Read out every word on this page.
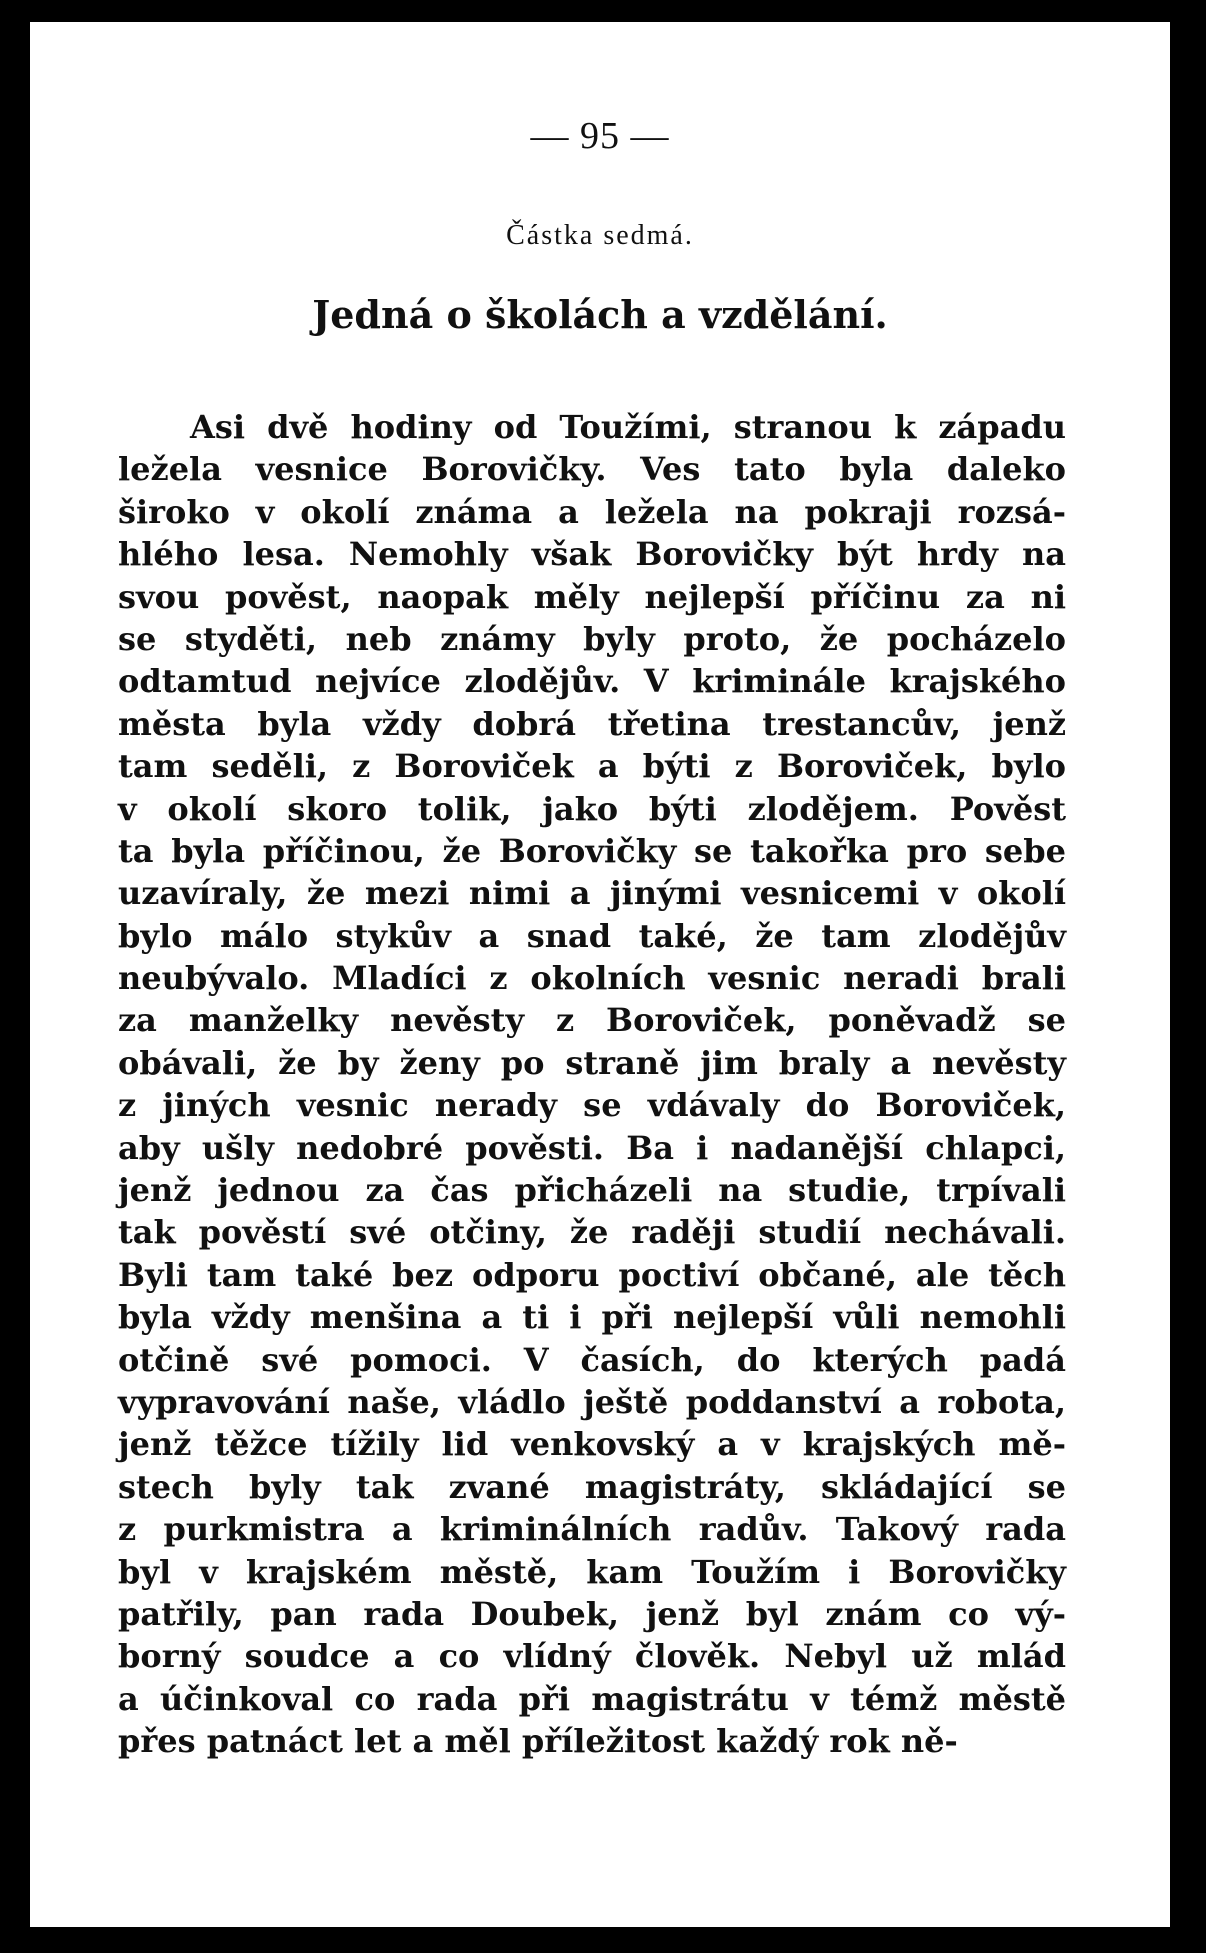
— 95 —
Částka sedmá.
Jedná o školách a vzdělání.
Asi dvě hodiny od Toužími, stranou k západu
ležela vesnice Borovičky. Ves tato byla daleko
široko v okolí známa a ležela na pokraji rozsá-
hlého lesa. Nemohly však Borovičky být hrdy na
svou pověst, naopak měly nejlepší příčinu za ni
se styděti, neb známy byly proto, že pocházelo
odtamtud nejvíce zlodějův. V kriminále krajského
města byla vždy dobrá třetina trestancův, jenž
tam seděli, z Boroviček a býti z Boroviček, bylo
v okolí skoro tolik, jako býti zlodějem. Pověst
ta byla příčinou, že Borovičky se takořka pro sebe
uzavíraly, že mezi nimi a jinými vesnicemi v okolí
bylo málo stykův a snad také, že tam zlodějův
neubývalo. Mladíci z okolních vesnic neradi brali
za manželky nevěsty z Boroviček, poněvadž se
obávali, že by ženy po straně jim braly a nevěsty
z jiných vesnic nerady se vdávaly do Boroviček,
aby ušly nedobré pověsti. Ba i nadanější chlapci,
jenž jednou za čas přicházeli na studie, trpívali
tak pověstí své otčiny, že raději studií nechávali.
Byli tam také bez odporu poctiví občané, ale těch
byla vždy menšina a ti i při nejlepší vůli nemohli
otčině své pomoci. V časích, do kterých padá
vypravování naše, vládlo ještě poddanství a robota,
jenž těžce tížily lid venkovský a v krajských mě-
stech byly tak zvané magistráty, skládající se
z purkmistra a kriminálních radův. Takový rada
byl v krajském městě, kam Toužím i Borovičky
patřily, pan rada Doubek, jenž byl znám co vý-
borný soudce a co vlídný člověk. Nebyl už mlád
a účinkoval co rada při magistrátu v témž městě
přes patnáct let a měl příležitost každý rok ně-
